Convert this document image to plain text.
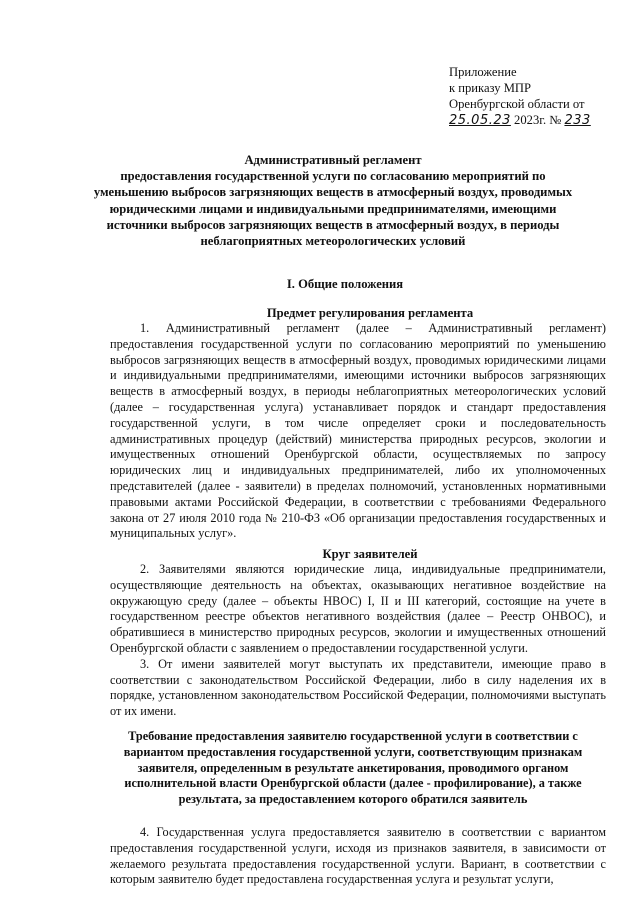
Приложение
к приказу МПР
Оренбургской области от
25.05.23 2023г. № 233
Административный регламент
предоставления государственной услуги по согласованию мероприятий по уменьшению выбросов загрязняющих веществ в атмосферный воздух, проводимых юридическими лицами и индивидуальными предпринимателями, имеющими источники выбросов загрязняющих веществ в атмосферный воздух, в периоды неблагоприятных метеорологических условий
I. Общие положения
Предмет регулирования регламента

1. Административный регламент (далее – Административный регламент) предоставления государственной услуги по согласованию мероприятий по уменьшению выбросов загрязняющих веществ в атмосферный воздух, проводимых юридическими лицами и индивидуальными предпринимателями, имеющими источники выбросов загрязняющих веществ в атмосферный воздух, в периоды неблагоприятных метеорологических условий (далее – государственная услуга) устанавливает порядок и стандарт предоставления государственной услуги, в том числе определяет сроки и последовательность административных процедур (действий) министерства природных ресурсов, экологии и имущественных отношений Оренбургской области, осуществляемых по запросу юридических лиц и индивидуальных предпринимателей, либо их уполномоченных представителей (далее - заявители) в пределах полномочий, установленных нормативными правовыми актами Российской Федерации, в соответствии с требованиями Федерального закона от 27 июля 2010 года № 210-ФЗ «Об организации предоставления государственных и муниципальных услуг».

Круг заявителей

2. Заявителями являются юридические лица, индивидуальные предприниматели, осуществляющие деятельность на объектах, оказывающих негативное воздействие на окружающую среду (далее – объекты НВОС) I, II и III категорий, состоящие на учете в государственном реестре объектов негативного воздействия (далее – Реестр ОНВОС), и обратившиеся в министерство природных ресурсов, экологии и имущественных отношений Оренбургской области с заявлением о предоставлении государственной услуги.

3. От имени заявителей могут выступать их представители, имеющие право в соответствии с законодательством Российской Федерации, либо в силу наделения их в порядке, установленном законодательством Российской Федерации, полномочиями выступать от их имени.

Требование предоставления заявителю государственной услуги в соответствии с вариантом предоставления государственной услуги, соответствующим признакам заявителя, определенным в результате анкетирования, проводимого органом исполнительной власти Оренбургской области (далее - профилирование), а также результата, за предоставлением которого обратился заявитель

4. Государственная услуга предоставляется заявителю в соответствии с вариантом предоставления государственной услуги, исходя из признаков заявителя, в зависимости от желаемого результата предоставления государственной услуги. Вариант, в соответствии с которым заявителю будет предоставлена государственная услуга и результат услуги,
